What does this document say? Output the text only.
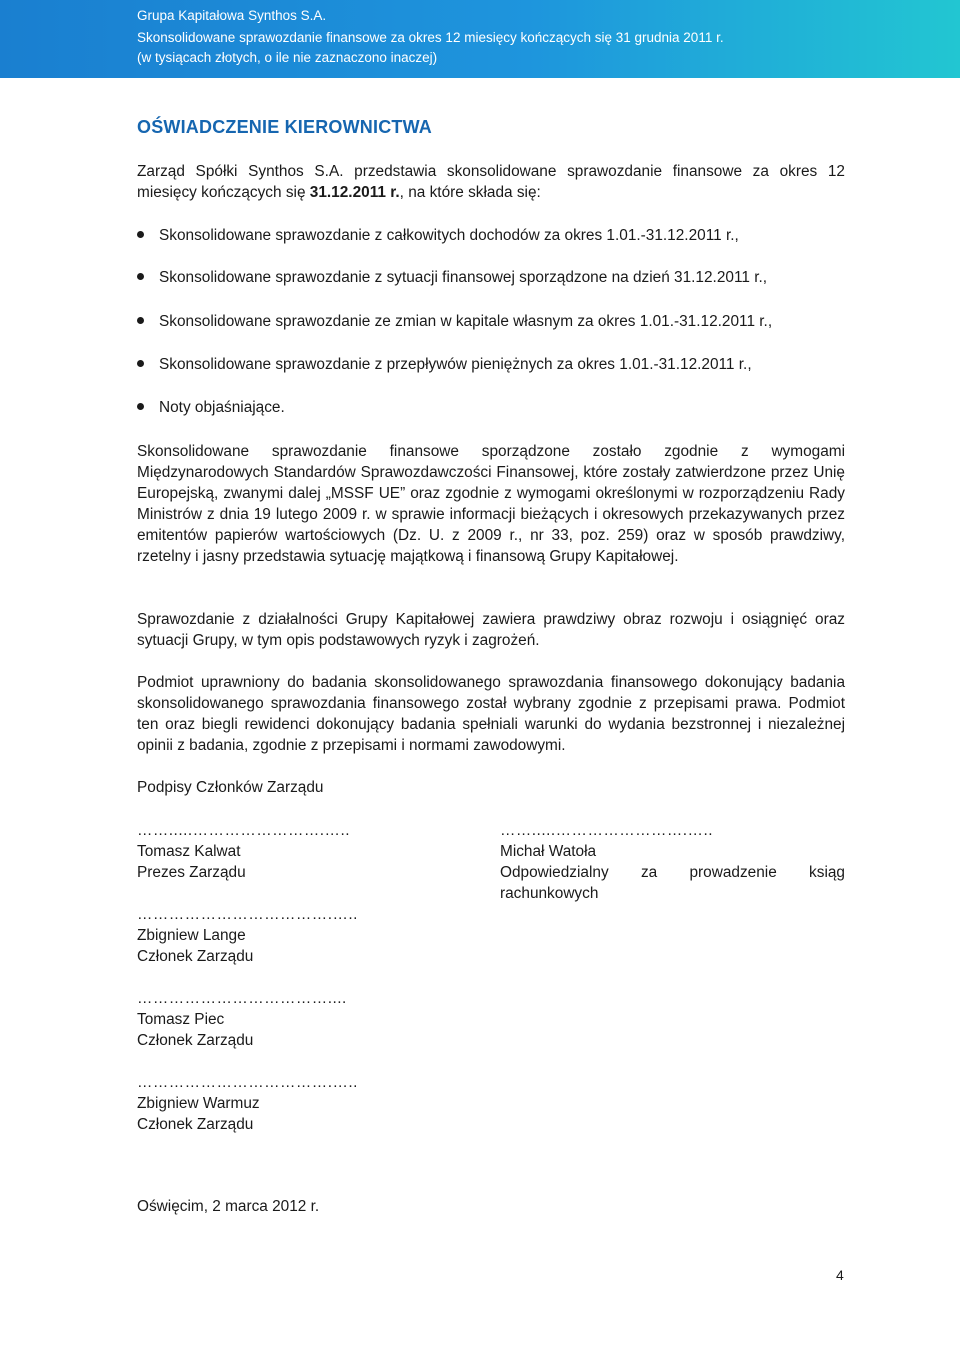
Grupa Kapitałowa Synthos S.A.
Skonsolidowane sprawozdanie finansowe za okres 12 miesięcy kończących się 31 grudnia 2011 r.
(w tysiącach złotych, o ile nie zaznaczono inaczej)
OŚWIADCZENIE KIEROWNICTWA
Zarząd Spółki Synthos S.A. przedstawia skonsolidowane sprawozdanie finansowe za okres 12 miesięcy kończących się 31.12.2011 r., na które składa się:
Skonsolidowane sprawozdanie z całkowitych dochodów za okres 1.01.-31.12.2011 r.,
Skonsolidowane sprawozdanie z sytuacji finansowej sporządzone na dzień 31.12.2011 r.,
Skonsolidowane sprawozdanie ze zmian w kapitale własnym za okres 1.01.-31.12.2011 r.,
Skonsolidowane sprawozdanie z przepływów pieniężnych za okres 1.01.-31.12.2011 r.,
Noty objaśniające.
Skonsolidowane sprawozdanie finansowe sporządzone zostało zgodnie z wymogami Międzynarodowych Standardów Sprawozdawczości Finansowej, które zostały zatwierdzone przez Unię Europejską, zwanymi dalej „MSSF UE” oraz zgodnie z wymogami określonymi w rozporządzeniu Rady Ministrów z dnia 19 lutego 2009 r. w sprawie informacji bieżących i okresowych przekazywanych przez emitentów papierów wartościowych (Dz. U. z 2009 r., nr 33, poz. 259) oraz w sposób prawdziwy, rzetelny i jasny przedstawia sytuację majątkową i finansową Grupy Kapitałowej.
Sprawozdanie z działalności Grupy Kapitałowej zawiera prawdziwy obraz rozwoju i osiągnięć oraz sytuacji Grupy, w tym opis podstawowych ryzyk i zagrożeń.
Podmiot uprawniony do badania skonsolidowanego sprawozdania finansowego dokonujący badania skonsolidowanego sprawozdania finansowego został wybrany zgodnie z przepisami prawa. Podmiot ten oraz biegli rewidenci dokonujący badania spełniali warunki do wydania bezstronnej i niezależnej opinii z badania, zgodnie z przepisami i normami zawodowymi.
Podpisy Członków Zarządu
…….....…………………….…..
Tomasz Kalwat
Prezes Zarządu
…….....…………………….…..
Michał Watoła
Odpowiedzialny za prowadzenie ksiąg
rachunkowych
……………………………….…..
Zbigniew Lange
Członek Zarządu
………………………………....
Tomasz Piec
Członek Zarządu
……………………………….…..
Zbigniew Warmuz
Członek Zarządu
Oświęcim, 2 marca 2012 r.
4
